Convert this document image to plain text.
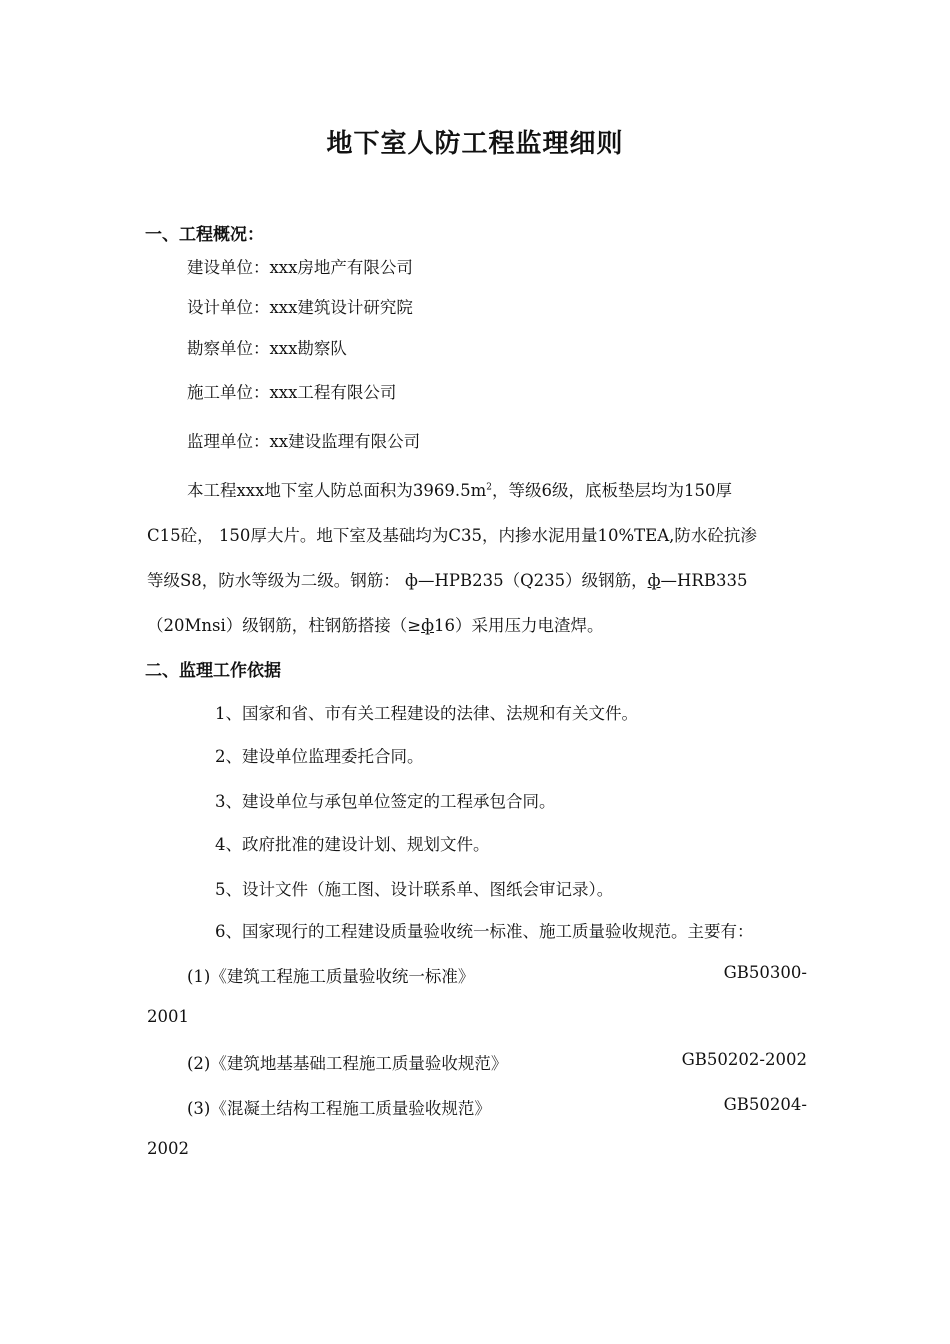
地下室人防工程监理细则
一、工程概况：
建设单位：xxx房地产有限公司
设计单位：xxx建筑设计研究院
勘察单位：xxx勘察队
施工单位：xxx工程有限公司
监理单位：xx建设监理有限公司
本工程xxx地下室人防总面积为$3969.5m^2$，等级6级，底板垫层均为150厚
C15砼， 150厚大片。地下室及基础均为C35，内掺水泥用量10%TEA,防水砼抗渗
等级S8，防水等级为二级。钢筋： ф—HPB235（Q235）级钢筋，ф—HRB335
（20Mnsi）级钢筋，柱钢筋搭接（≥ф16）采用压力电渣焊。
二、监理工作依据
1、国家和省、市有关工程建设的法律、法规和有关文件。
2、建设单位监理委托合同。
3、建设单位与承包单位签定的工程承包合同。
4、政府批准的建设计划、规划文件。
5、设计文件（施工图、设计联系单、图纸会审记录）。
6、国家现行的工程建设质量验收统一标准、施工质量验收规范。主要有：
(1)《建筑工程施工质量验收统一标准》	GB50300-
2001
(2)《建筑地基基础工程施工质量验收规范》	GB50202-2002
(3)《混凝土结构工程施工质量验收规范》	GB50204-
2002
